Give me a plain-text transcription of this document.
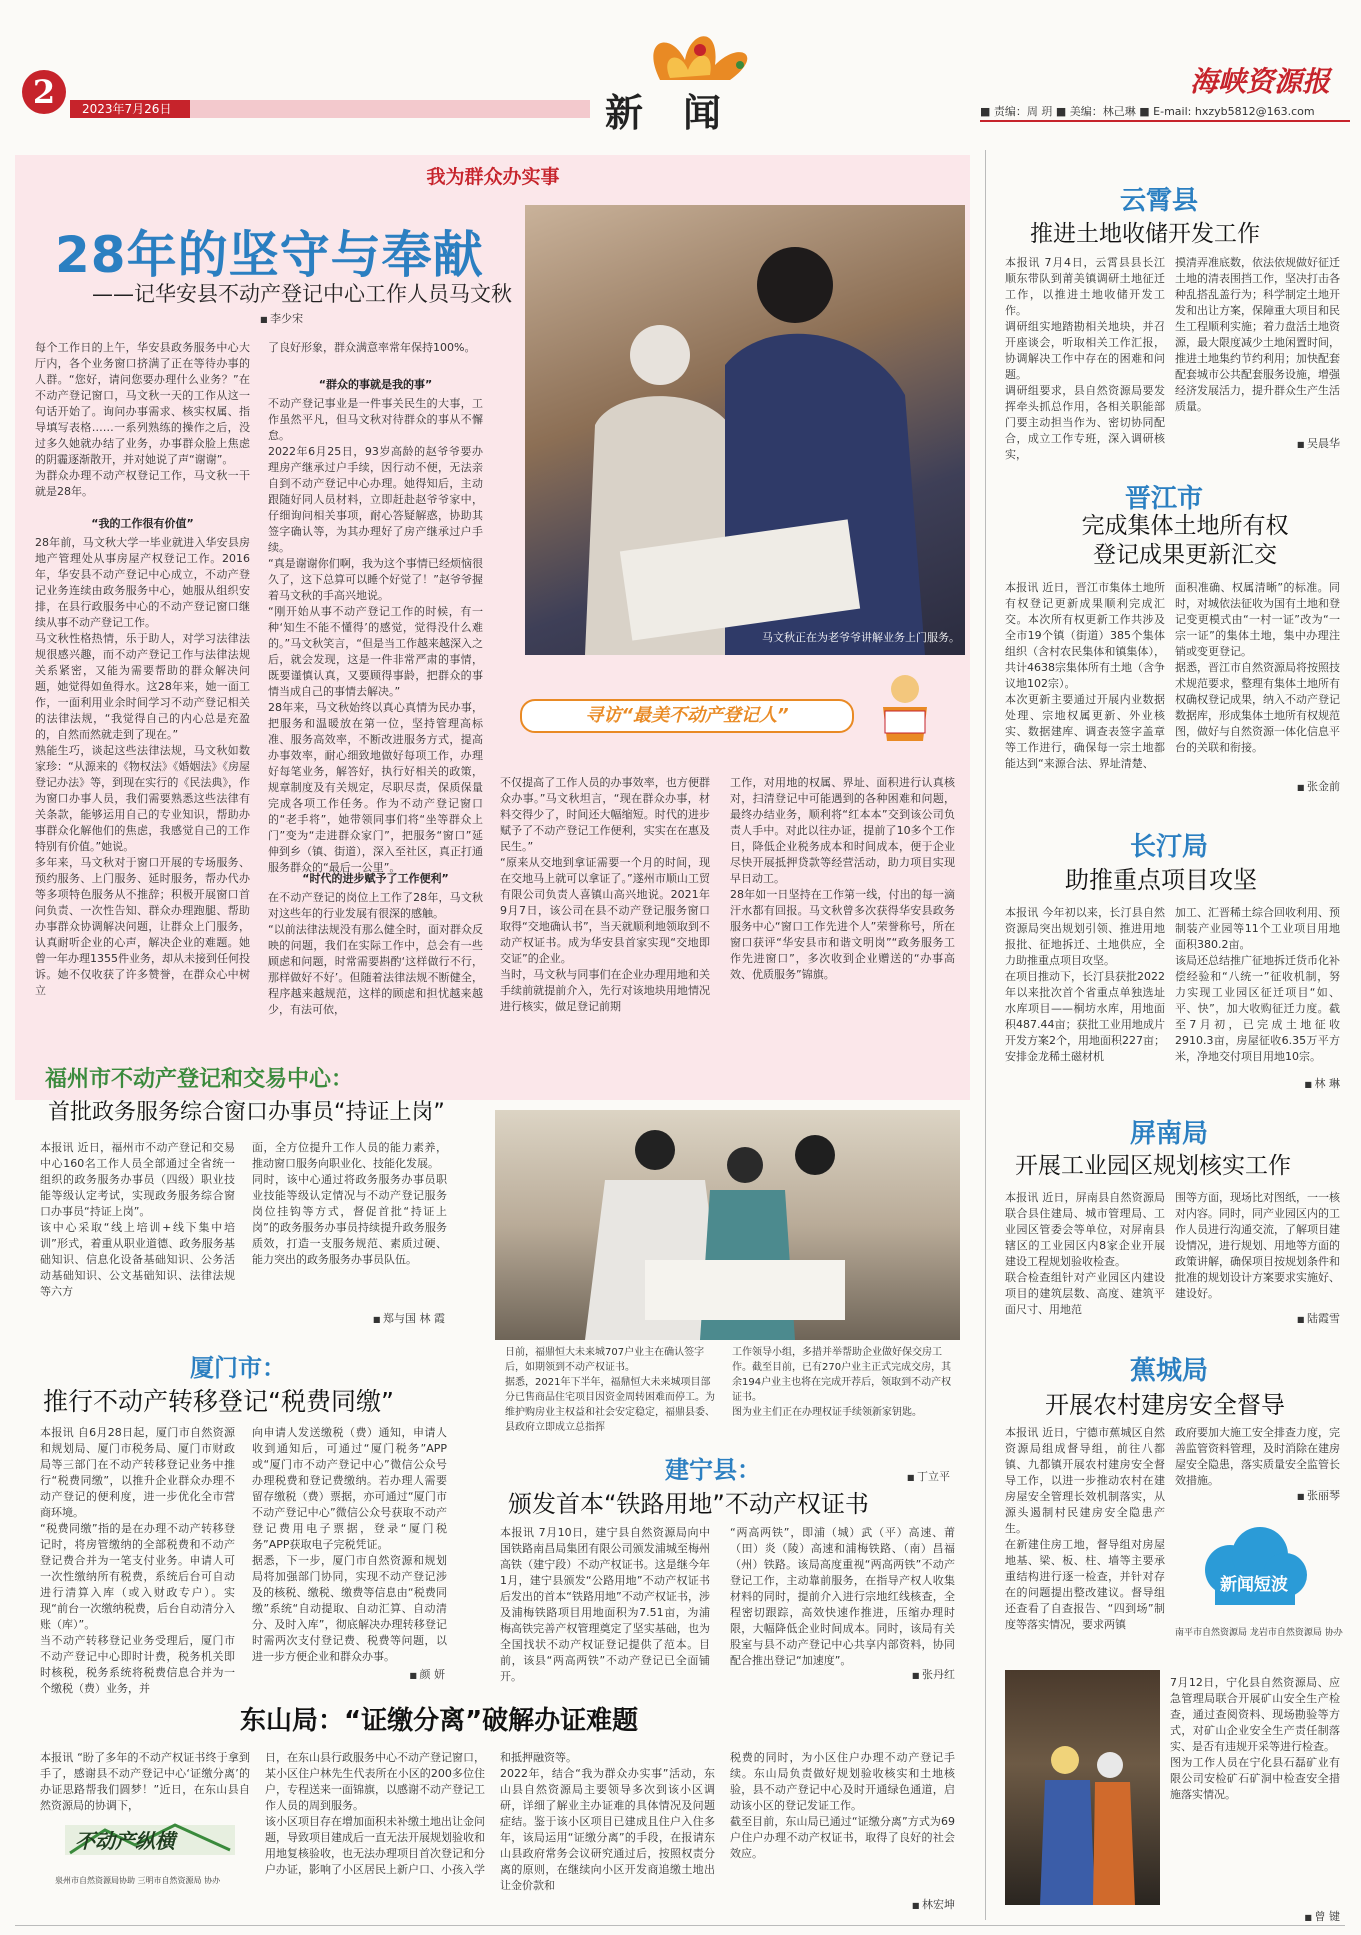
2	2023年7月26日	新闻
海峡资源报
■ 责编：周 玥 ■ 美编：林己琳 ■ E-mail: hxzyb5812@163.com
我为群众办实事
28年的坚守与奉献
——记华安县不动产登记中心工作人员马文秋
■ 李少宋
马文秋正在为老爷爷讲解业务上门服务。
寻访“最美不动产登记人”
每个工作日的上午，华安县政务服务中心大厅内，各个业务窗口挤满了正在等待办事的人群。“您好，请问您要办理什么业务？”在不动产登记窗口，马文秋一天的工作从这一句话开始了。询问办事需求、核实权属、指导填写表格……一系列熟练的操作之后，没过多久她就办结了业务，办事群众脸上焦虑的阴霾逐渐散开，并对她说了声“谢谢”。
为群众办理不动产权登记工作，马文秋一干就是28年。
“我的工作很有价值”
28年前，马文秋大学一毕业就进入华安县房地产管理处从事房屋产权登记工作。2016年，华安县不动产登记中心成立，不动产登记业务连续由政务服务中心，她服从组织安排，在县行政服务中心的不动产登记窗口继续从事不动产登记工作。
马文秋性格热情，乐于助人，对学习法律法规很感兴趣，而不动产登记工作与法律法规关系紧密，又能为需要帮助的群众解决问题，她觉得如鱼得水。这28年来，她一面工作，一面利用业余时间学习不动产登记相关的法律法规，“我觉得自己的内心总是充盈的，自然而然就走到了现在。”
熟能生巧，谈起这些法律法规，马文秋如数家珍：“从源来的《物权法》《婚姻法》《房屋登记办法》等，到现在实行的《民法典》，作为窗口办事人员，我们需要熟悉这些法律有关条款，能够运用自己的专业知识，帮助办事群众化解他们的焦虑，我感觉自己的工作特别有价值。”她说。
多年来，马文秋对于窗口开展的专场服务、预约服务、上门服务、延时服务，帮办代办等多项特色服务从不推辞；积极开展窗口首问负责、一次性告知、群众办理跑腿、帮助办事群众协调解决问题，让群众上门服务，认真耐听企业的心声，解决企业的难题。她曾一年办理1355件业务，却从未接到任何投诉。她不仅收获了许多赞誉，在群众心中树立
了良好形象，群众满意率常年保持100%。
“群众的事就是我的事”
不动产登记事业是一件事关民生的大事，工作虽然平凡，但马文秋对待群众的事从不懈怠。
2022年6月25日，93岁高龄的赵爷爷要办理房产继承过户手续，因行动不便，无法亲自到不动产登记中心办理。她得知后，主动跟随好同人员材料，立即赶赴赵爷爷家中，仔细询问相关事项，耐心答疑解惑，协助其签字确认等，为其办理好了房产继承过户手续。
“真是谢谢你们啊，我为这个事情已经烦恼很久了，这下总算可以睡个好觉了！”赵爷爷握着马文秋的手高兴地说。
“刚开始从事不动产登记工作的时候，有一种‘知生不能不懂得’的感觉，觉得没什么难的。”马文秋笑言，“但是当工作越来越深入之后，就会发现，这是一件非常严肃的事情，既要谨慎认真，又要顾得事龄，把群众的事情当成自己的事情去解决。”
28年来，马文秋始终以真心真情为民办事，把服务和温暖放在第一位，坚持管理高标准、服务高效率，不断改进服务方式，提高办事效率，耐心细致地做好每项工作，办理好每笔业务，解答好，执行好相关的政策，规章制度及有关规定，尽职尽责，保质保量完成各项工作任务。作为不动产登记窗口的“老手将”，她带领同事们将“坐等群众上门”变为“走进群众家门”，把服务“窗口”延伸到乡（镇、街道），深入至社区，真正打通服务群众的“最后一公里”。
“时代的进步赋予了工作便利”
在不动产登记的岗位上工作了28年，马文秋对这些年的行业发展有很深的感触。
“以前法律法规没有那么健全时，面对群众反映的问题，我们在实际工作中，总会有一些顾虑和问题，时常需要斟酌‘这样做行不行，那样做好不好’。但随着法律法规不断健全，程序越来越规范，这样的顾虑和担忧越来越少，有法可依，
不仅提高了工作人员的办事效率，也方便群众办事。”马文秋坦言，“现在群众办事，材料交得少了，时间还大幅缩短。时代的进步赋予了不动产登记工作便利，实实在在惠及民生。”
“原来从交地到拿证需要一个月的时间，现在交地马上就可以拿证了。”遂州市顺山工贸有限公司负责人喜镇山高兴地说。2021年9月7日，该公司在县不动产登记服务窗口取得“交地确认书”，当天就顺利地领取到不动产权证书。成为华安县首家实现“交地即交证”的企业。
当时，马文秋与同事们在企业办理用地和关手续前就提前介入，先行对该地块用地情况进行核实，做足登记前期
工作，对用地的权属、界址、面积进行认真核对，扫清登记中可能遇到的各种困难和问题，最终办结业务，顺利将“红本本”交到该公司负责人手中。对此以往办证，提前了10多个工作日，降低企业税务成本和时间成本，便于企业尽快开展抵押贷款等经营活动，助力项目实现早日动工。
28年如一日坚持在工作第一线，付出的每一滴汗水都有回报。马文秋曾多次获得华安县政务服务中心“窗口工作先进个人”荣誉称号，所在窗口获评“华安县市和谐文明岗”“政务服务工作先进窗口”，多次收到企业赠送的“办事高效、优质服务”锦旗。
福州市不动产登记和交易中心：
首批政务服务综合窗口办事员“持证上岗”
本报讯 近日，福州市不动产登记和交易中心160名工作人员全部通过全省统一组织的政务服务办事员（四级）职业技能等级认定考试，实现政务服务综合窗口办事员“持证上岗”。
该中心采取“线上培训+线下集中培训”形式，着重从职业道德、政务服务基础知识、信息化设备基础知识、公务活动基础知识、公文基础知识、法律法规等六方
面，全方位提升工作人员的能力素养，推动窗口服务向职业化、技能化发展。
同时，该中心通过将政务服务办事员职业技能等级认定情况与不动产登记服务岗位挂钩等方式，督促首批“持证上岗”的政务服务办事员持续提升政务服务质效，打造一支服务规范、素质过硬、能力突出的政务服务办事员队伍。
■ 郑与国 林 霞
厦门市：
推行不动产转移登记“税费同缴”
本报讯 自6月28日起，厦门市自然资源和规划局、厦门市税务局、厦门市财政局等三部门在不动产转移登记业务中推行“税费同缴”，以推升企业群众办理不动产登记的便利度，进一步优化全市营商环境。
“税费同缴”指的是在办理不动产转移登记时，将房管缴纳的全部税费和不动产登记费合并为一笔支付业务。申请人可一次性缴纳所有税费，系统后台可自动进行清算入库（或入财政专户）。实现“前台一次缴纳税费，后台自动清分入账（库）”。
当不动产转移登记业务受理后，厦门市不动产登记中心即时计费，税务机关即时核税，税务系统将税费信息合并为一个缴税（费）业务，并
向申请人发送缴税（费）通知，申请人收到通知后，可通过“厦门税务”APP或“厦门市不动产登记中心”微信公众号办理税费和登记费缴纳。若办理人需要留存缴税（费）票据，亦可通过“厦门市不动产登记中心”微信公众号获取不动产登记费用电子票据，登录“厦门税务”APP获取电子完税凭证。
据悉，下一步，厦门市自然资源和规划局将加强部门协同，实现不动产登记涉及的核税、缴税、缴费等信息由“税费同缴”系统“自动提取、自动汇算、自动清分、及时入库”，彻底解决办理转移登记时需两次支付登记费、税费等问题，以进一步方便企业和群众办事。
■ 颜 妍
日前，福鼎恒大未来城707户业主在确认签字后，如期领到不动产权证书。
据悉，2021年下半年，福鼎恒大未来城项目部分已售商品住宅项目因资金周转困难而停工。为维护购房业主权益和社会安定稳定，福鼎县委、县政府立即成立总指挥
工作领导小组，多措并举帮助企业做好保交房工作。截至目前，已有270户业主正式完成交房，其余194户业主也将在完成开荐后，领取到不动产权证书。
图为业主们正在办理权证手续领新家钥匙。
■ 丁立平
建宁县：
颁发首本“铁路用地”不动产权证书
本报讯 7月10日，建宁县自然资源局向中国铁路南昌局集团有限公司颁发浦城至梅州高铁（建宁段）不动产权证书。这是继今年1月，建宁县颁发“公路用地”不动产权证书后发出的首本“铁路用地”不动产权证书，涉及浦梅铁路项目用地面积为7.51亩，为浦梅高铁完善产权管理奠定了坚实基础，也为全国找状不动产权证登记提供了范本。目前，该县“两高两铁”不动产登记已全面铺开。
“两高两铁”，即浦（城）武（平）高速、莆（田）炎（陵）高速和浦梅铁路、（南）昌福（州）铁路。该局高度重视“两高两铁”不动产登记工作，主动靠前服务，在指导产权人收集材料的同时，提前介入进行宗地红线核查，全程密切跟踪，高效快速作推进，压缩办理时限，大幅降低企业时间成本。同时，该局有关股室与县不动产登记中心共享内部资料，协同配合推出登记“加速度”。
■ 张丹红
东山局：“证缴分离”破解办证难题
本报讯 “盼了多年的不动产权证书终于拿到手了，感谢县不动产登记中心‘证缴分离’的办证思路帮我们圆梦！”近日，在东山县自然资源局的协调下，
日，在东山县行政服务中心不动产登记窗口，某小区住户林先生代表所在小区的200多位住户，专程送来一面锦旗，以感谢不动产登记工作人员的周到服务。
该小区项目存在增加面积未补缴土地出让金问题，导致项目建成后一直无法开展规划验收和用地复核验收，也无法办理项目首次登记和分户办证，影响了小区居民上新户口、小孩入学
和抵押融资等。
2022年，结合“我为群众办实事”活动，东山县自然资源局主要领导多次到该小区调研，详细了解业主办证难的具体情况及问题症结。鉴于该小区项目已建成且住户入住多年，该局运用“证缴分离”的手段，在报请东山县政府常务会议研究通过后，按照权责分离的原则，在继续向小区开发商追缴土地出让金价款和
税费的同时，为小区住户办理不动产登记手续。东山局负责做好规划验收核实和土地核验，县不动产登记中心及时开通绿色通道，启动该小区的登记发证工作。
截至目前，东山局已通过“证缴分离”方式为69户住户办理不动产权证书，取得了良好的社会效应。
■ 林宏坤
不动产纵横
泉州市自然资源局协助 三明市自然资源局 协办
云霄县
推进土地收储开发工作
本报讯 7月4日，云霄县县长江顺东带队到莆美镇调研土地征迁工作，以推进土地收储开发工作。
调研组实地踏勘相关地块，并召开座谈会，听取相关工作汇报，协调解决工作中存在的困难和问题。
调研组要求，县自然资源局要发挥牵头抓总作用，各相关职能部门要主动担当作为、密切协同配合，成立工作专班，深入调研核实，
摸清弄准底数，依法依规做好征迁土地的清表围挡工作，坚决打击各种乱搭乱盖行为；科学制定土地开发和出让方案，保障重大项目和民生工程顺利实施；着力盘活土地资源，最大限度减少土地闲置时间，推进土地集约节约利用；加快配套配套城市公共配套服务设施，增强经济发展活力，提升群众生产生活质量。
■ 吴晨华
晋江市
完成集体土地所有权
登记成果更新汇交
本报讯 近日，晋江市集体土地所有权登记更新成果顺利完成汇交。本次所有权更新工作共涉及全市19个镇（街道）385个集体组织（含村农民集体和镇集体），共计4638宗集体所有土地（含争议地102宗）。
本次更新主要通过开展内业数据处理、宗地权属更新、外业核实、数据建库、调查表签字盖章等工作进行，确保每一宗土地都能达到“来源合法、界址清楚、
面积准确、权属清晰”的标准。同时，对城依法征收为国有土地和登记变更模式由“一村一证”改为“一宗一证”的集体土地，集中办理注销或变更登记。
据悉，晋江市自然资源局将按照技术规范要求，整理有集体土地所有权确权登记成果，纳入不动产登记数据库，形成集体土地所有权规范图，做好与自然资源一体化信息平台的关联和衔接。
■ 张金前
长汀局
助推重点项目攻坚
本报讯 今年初以来，长汀县自然资源局突出规划引领、推进用地报批、征地拆迁、土地供应，全力助推重点项目攻坚。
在项目推动下，长汀县获批2022年以来批次首个省重点单独选址水库项目——桐坊水库，用地面积487.44亩；获批工业用地成片开发方案2个，用地面积227亩；安排金龙稀土磁材机
加工、汇晋稀土综合回收利用、预制装产业园等11个工业项目用地面积380.2亩。
该局还总结推广征地拆迁货币化补偿经验和“八统一”征收机制，努力实现工业园区征迁项目“如、平、快”，加大收购征迁力度。截至7月初，已完成土地征收2910.3亩，房屋征收6.35万平方米，净地交付项目用地10宗。
■ 林 琳
屏南局
开展工业园区规划核实工作
本报讯 近日，屏南县自然资源局联合县住建局、城市管理局、工业园区管委会等单位，对屏南县辖区的工业园区内8家企业开展建设工程规划验收检查。
联合检查组针对产业园区内建设项目的建筑层数、高度、建筑平面尺寸、用地范
围等方面，现场比对图纸，一一核对内容。同时，同产业园区内的工作人员进行沟通交流，了解项目建设情况，进行规划、用地等方面的政策讲解，确保项目按规划条件和批准的规划设计方案要求实施好、建设好。
■ 陆霞雪
蕉城局
开展农村建房安全督导
本报讯 近日，宁德市蕉城区自然资源局组成督导组，前往八都镇、九都镇开展农村建房安全督导工作，以进一步推动农村在建房屋安全管理长效机制落实，从源头遏制村民建房安全隐患产生。
在新建住房工地，督导组对房屋地基、梁、板、柱、墙等主要承重结构进行逐一检查，并针对存在的问题提出整改建议。督导组还查看了自查报告、“四到场”制度等落实情况，要求两镇
政府要加大施工安全排查力度，完善监管资料管理，及时消除在建房屋安全隐患，落实质量安全监管长效措施。
■ 张丽琴
新闻短波
南平市自然资源局 龙岩市自然资源局 协办
7月12日，宁化县自然资源局、应急管理局联合开展矿山安全生产检查，通过查阅资料、现场勘验等方式，对矿山企业安全生产责任制落实、是否有违规开采等进行检查。
图为工作人员在宁化县石磊矿业有限公司安检矿石矿洞中检查安全措施落实情况。
■ 曾 键
